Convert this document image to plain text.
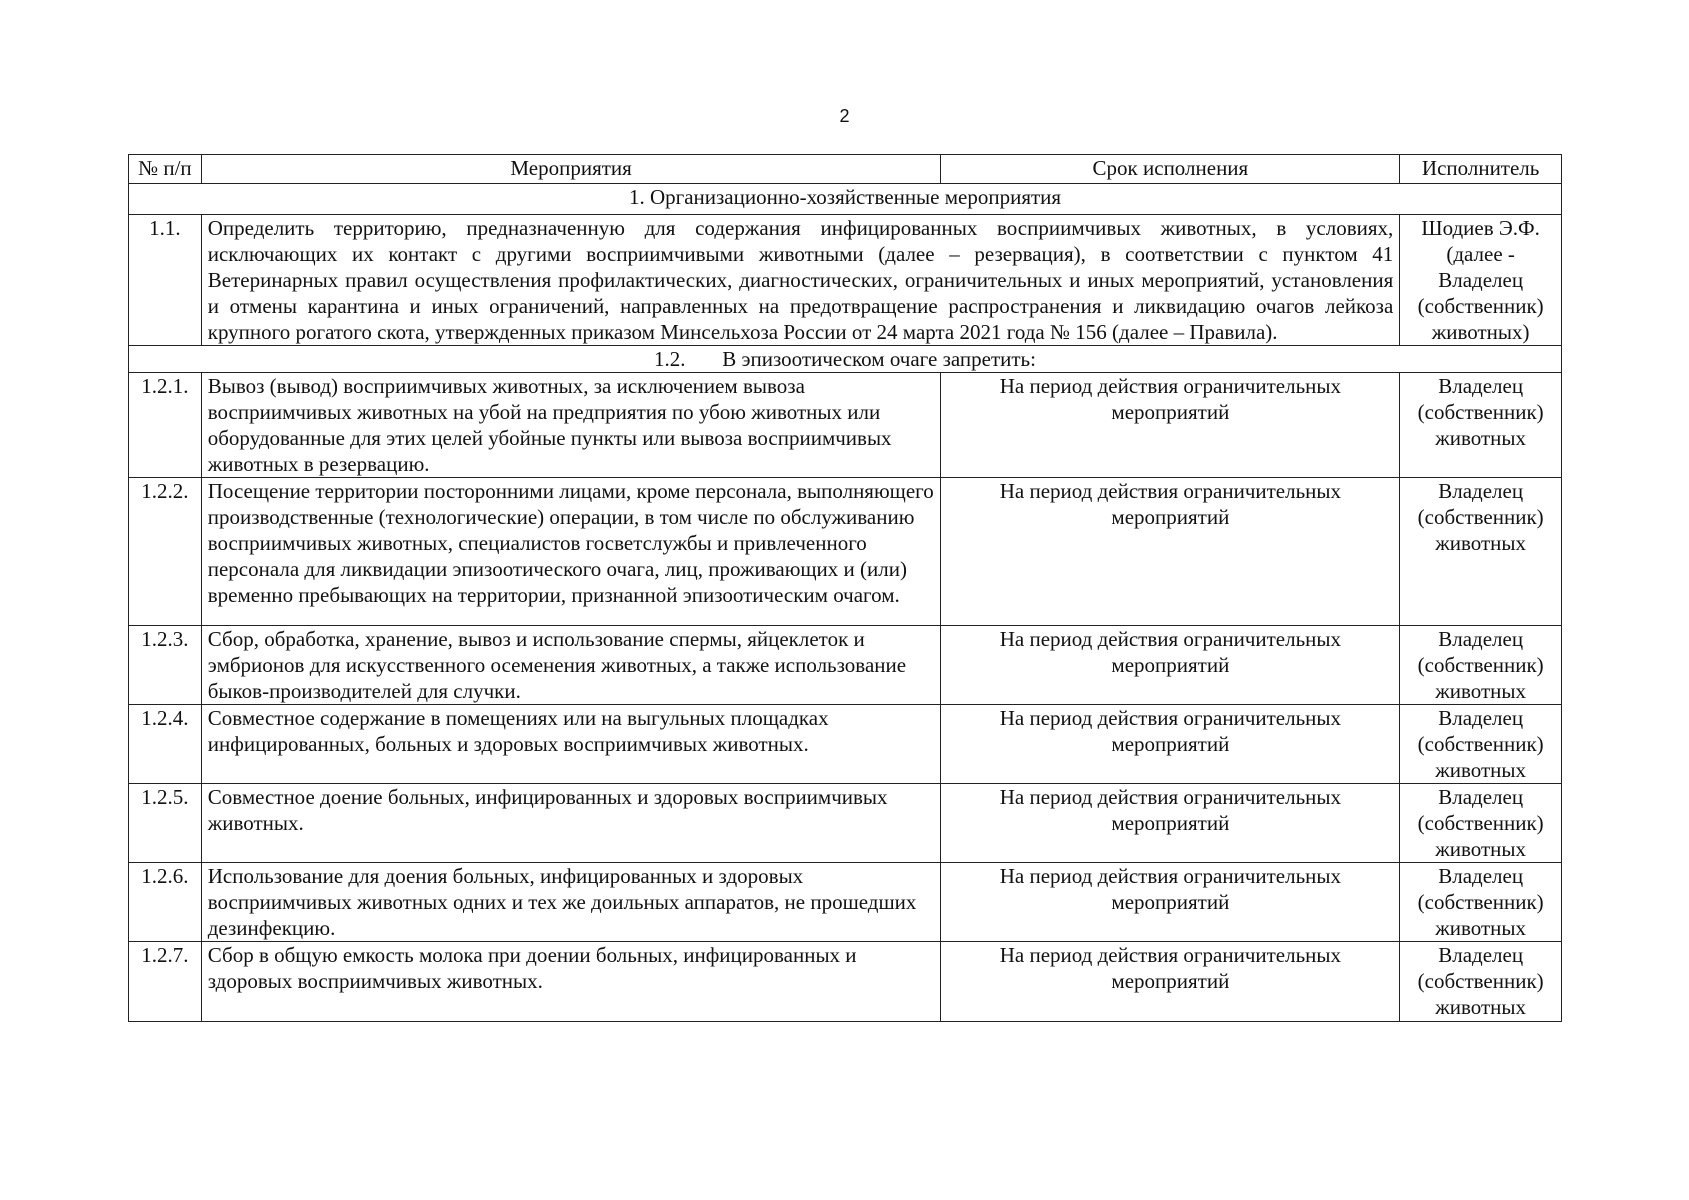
2
№ п/п	Мероприятия	Срок исполнения	Исполнитель
1. Организационно-хозяйственные мероприятия			
1.1.	Определить территорию, предназначенную для содержания инфицированных восприимчивых животных, в условиях, исключающих их контакт с другими восприимчивыми животными (далее – резервация), в соответствии с пунктом 41 Ветеринарных правил осуществления профилактических, диагностических, ограничительных и иных мероприятий, установления и отмены карантина и иных ограничений, направленных на предотвращение распространения и ликвидацию очагов лейкоза крупного рогатого скота, утвержденных приказом Минсельхоза России от 24 марта 2021 года № 156 (далее – Правила).		Шодиев Э.Ф. (далее - Владелец (собственник) животных)
1.2. В эпизоотическом очаге запретить:			
1.2.1.	Вывоз (вывод) восприимчивых животных, за исключением вывоза восприимчивых животных на убой на предприятия по убою животных или оборудованные для этих целей убойные пункты или вывоза восприимчивых животных в резервацию.	На период действия ограничительных мероприятий	Владелец (собственник) животных
1.2.2.	Посещение территории посторонними лицами, кроме персонала, выполняющего производственные (технологические) операции, в том числе по обслуживанию восприимчивых животных, специалистов госветслужбы и привлеченного персонала для ликвидации эпизоотического очага, лиц, проживающих и (или) временно пребывающих на территории, признанной эпизоотическим очагом.	На период действия ограничительных мероприятий	Владелец (собственник) животных
1.2.3.	Сбор, обработка, хранение, вывоз и использование спермы, яйцеклеток и эмбрионов для искусственного осеменения животных, а также использование быков-производителей для случки.	На период действия ограничительных мероприятий	Владелец (собственник) животных
1.2.4.	Совместное содержание в помещениях или на выгульных площадках инфицированных, больных и здоровых восприимчивых животных.	На период действия ограничительных мероприятий	Владелец (собственник) животных
1.2.5.	Совместное доение больных, инфицированных и здоровых восприимчивых животных.	На период действия ограничительных мероприятий	Владелец (собственник) животных
1.2.6.	Использование для доения больных, инфицированных и здоровых восприимчивых животных одних и тех же доильных аппаратов, не прошедших дезинфекцию.	На период действия ограничительных мероприятий	Владелец (собственник) животных
1.2.7.	Сбор в общую емкость молока при доении больных, инфицированных и здоровых восприимчивых животных.	На период действия ограничительных мероприятий	Владелец (собственник) животных
